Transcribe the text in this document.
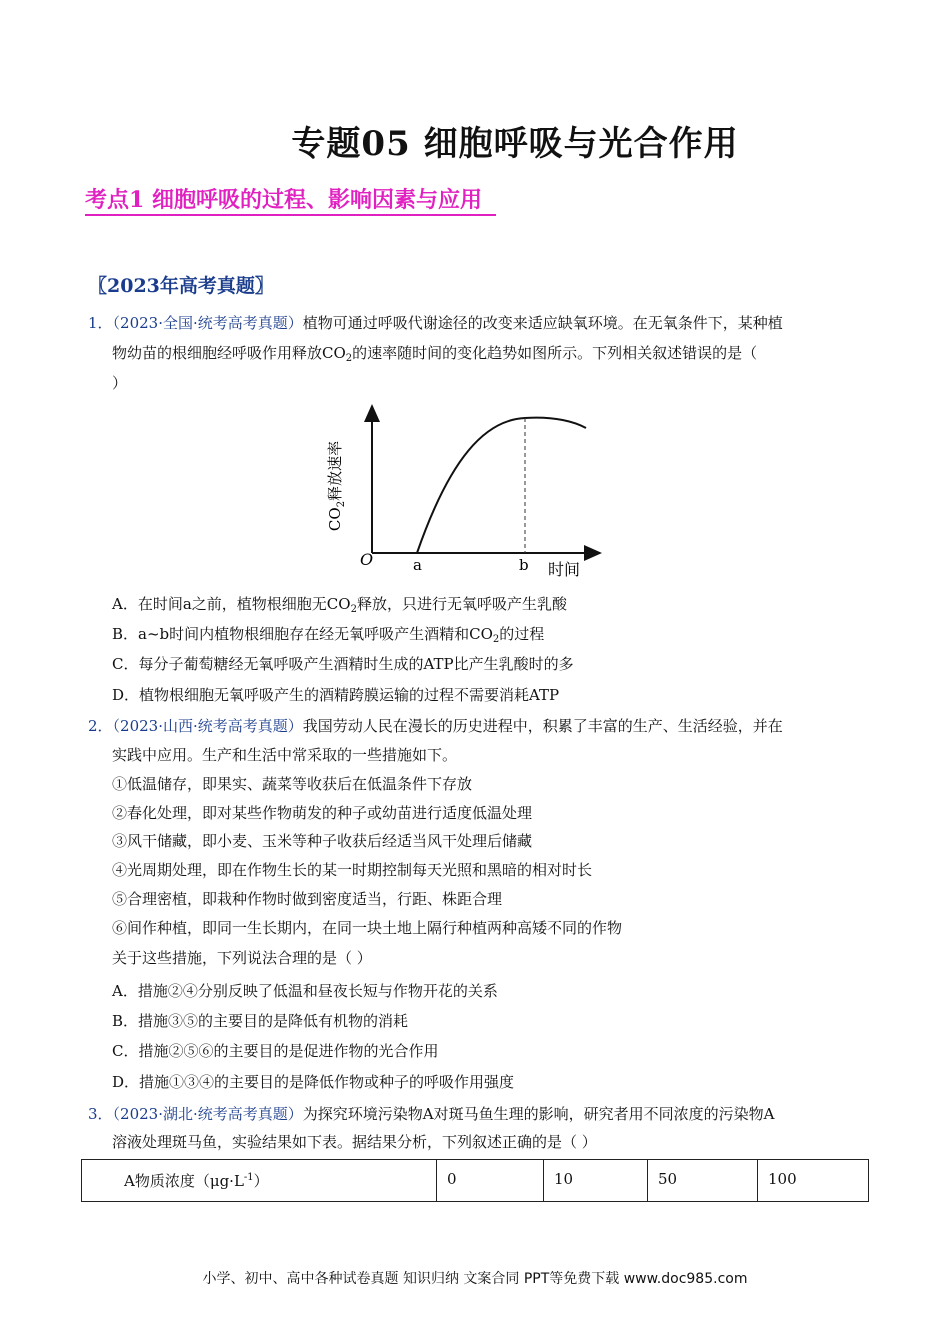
专题05 细胞呼吸与光合作用
考点1 细胞呼吸的过程、影响因素与应用
〖2023年高考真题〗
1．（2023·全国·统考高考真题）植物可通过呼吸代谢途径的改变来适应缺氧环境。在无氧条件下，某种植
物幼苗的根细胞经呼吸作用释放$CO_2$的速率随时间的变化趋势如图所示。下列相关叙述错误的是（
）
$CO_2$释放速率
O	a	b 时间
A．在时间a之前，植物根细胞无$CO_2$释放，只进行无氧呼吸产生乳酸
B．a~b时间内植物根细胞存在经无氧呼吸产生酒精和$CO_2$的过程
C．每分子葡萄糖经无氧呼吸产生酒精时生成的ATP比产生乳酸时的多
D．植物根细胞无氧呼吸产生的酒精跨膜运输的过程不需要消耗ATP
2．（2023·山西·统考高考真题）我国劳动人民在漫长的历史进程中，积累了丰富的生产、生活经验，并在
实践中应用。生产和生活中常采取的一些措施如下。
①低温储存，即果实、蔬菜等收获后在低温条件下存放
②春化处理，即对某些作物萌发的种子或幼苗进行适度低温处理
③风干储藏，即小麦、玉米等种子收获后经适当风干处理后储藏
④光周期处理，即在作物生长的某一时期控制每天光照和黑暗的相对时长
⑤合理密植，即栽种作物时做到密度适当，行距、株距合理
⑥间作种植，即同一生长期内，在同一块土地上隔行种植两种高矮不同的作物
关于这些措施，下列说法合理的是（ ）
A．措施②④分别反映了低温和昼夜长短与作物开花的关系
B．措施③⑤的主要目的是降低有机物的消耗
C．措施②⑤⑥的主要目的是促进作物的光合作用
D．措施①③④的主要目的是降低作物或种子的呼吸作用强度
3．（2023·湖北·统考高考真题）为探究环境污染物A对斑马鱼生理的影响，研究者用不同浓度的污染物A
溶液处理斑马鱼，实验结果如下表。据结果分析，下列叙述正确的是（ ）
A物质浓度$(\mu g\cdot L^{-1})$	0	10	50	100
小学、初中、高中各种试卷真题 知识归纳 文案合同 PPT等免费下载 www.doc985.com
